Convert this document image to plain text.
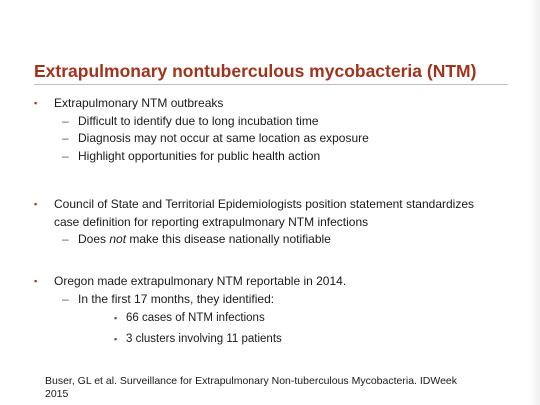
Extrapulmonary nontuberculous mycobacteria (NTM)
▪ Extrapulmonary NTM outbreaks
– Difficult to identify due to long incubation time
– Diagnosis may not occur at same location as exposure
– Highlight opportunities for public health action
▪ Council of State and Territorial Epidemiologists position statement standardizes
case definition for reporting extrapulmonary NTM infections
– Does not make this disease nationally notifiable
▪ Oregon made extrapulmonary NTM reportable in 2014.
– In the first 17 months, they identified:
▪ 66 cases of NTM infections
▪ 3 clusters involving 11 patients
Buser, GL et al. Surveillance for Extrapulmonary Non-tuberculous Mycobacteria. IDWeek
2015
